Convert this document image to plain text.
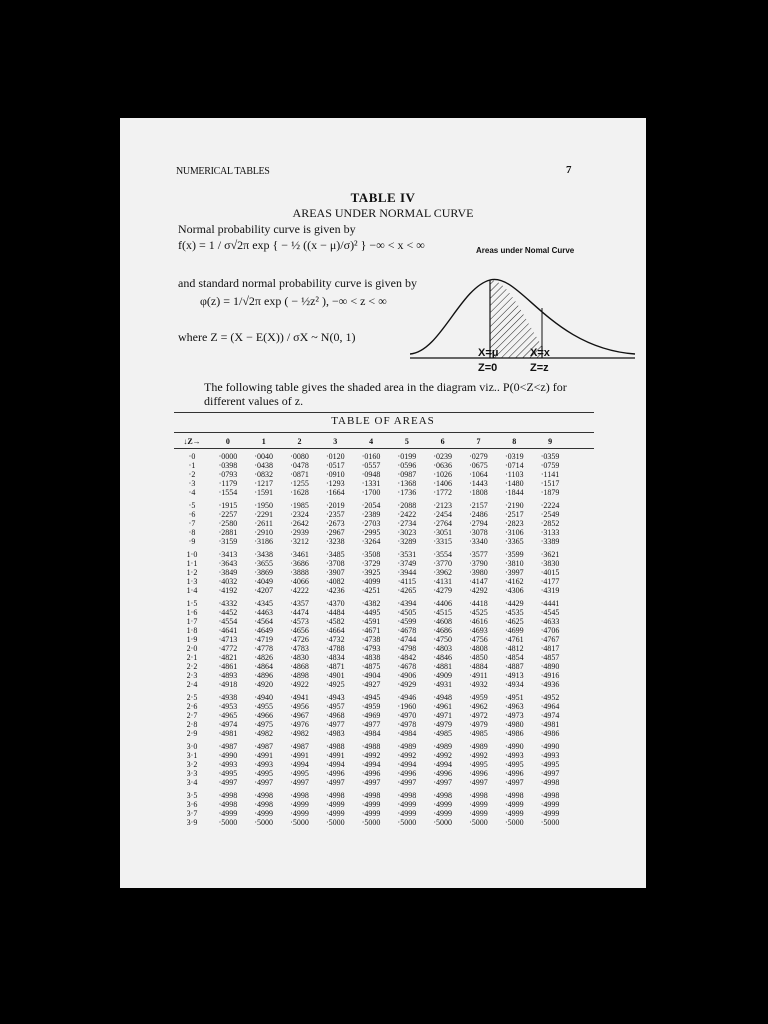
NUMERICAL TABLES	7
TABLE IV
AREAS UNDER NORMAL CURVE
Normal probability curve is given by
f(x) = 1 / σ√2π exp { − ½ ((x − μ)/σ)² } −∞ < x < ∞	Areas under Nomal Curve
and standard normal probability curve is given by
φ(z) = 1/√2π exp ( − ½z² ), −∞ < z < ∞
where Z = (X − E(X)) / σX ~ N(0, 1)
X=μ
Z=0
X=x
Z=z
The following table gives the shaded area in the diagram viz.. P(0<Z<z) for different values of z.
TABLE OF AREAS
↓Z→	0	1	2	3	4	5	6	7	8	9
·0	·0000	·0040	·0080	·0120	·0160	·0199	·0239	·0279	·0319	·0359
·1	·0398	·0438	·0478	·0517	·0557	·0596	·0636	·0675	·0714	·0759
·2	·0793	·0832	·0871	·0910	·0948	·0987	·1026	·1064	·1103	·1141
·3	·1179	·1217	·1255	·1293	·1331	·1368	·1406	·1443	·1480	·1517
·4	·1554	·1591	·1628	·1664	·1700	·1736	·1772	·1808	·1844	·1879
·5	·1915	·1950	·1985	·2019	·2054	·2088	·2123	·2157	·2190	·2224
·6	·2257	·2291	·2324	·2357	·2389	·2422	·2454	·2486	·2517	·2549
·7	·2580	·2611	·2642	·2673	·2703	·2734	·2764	·2794	·2823	·2852
·8	·2881	·2910	·2939	·2967	·2995	·3023	·3051	·3078	·3106	·3133
·9	·3159	·3186	·3212	·3238	·3264	·3289	·3315	·3340	·3365	·3389
1·0	·3413	·3438	·3461	·3485	·3508	·3531	·3554	·3577	·3599	·3621
1·1	·3643	·3655	·3686	·3708	·3729	·3749	·3770	·3790	·3810	·3830
1·2	·3849	·3869	·3888	·3907	·3925	·3944	·3962	·3980	·3997	·4015
1·3	·4032	·4049	·4066	·4082	·4099	·4115	·4131	·4147	·4162	·4177
1·4	·4192	·4207	·4222	·4236	·4251	·4265	·4279	·4292	·4306	·4319
1·5	·4332	·4345	·4357	·4370	·4382	·4394	·4406	·4418	·4429	·4441
1·6	·4452	·4463	·4474	·4484	·4495	·4505	·4515	·4525	·4535	·4545
1·7	·4554	·4564	·4573	·4582	·4591	·4599	·4608	·4616	·4625	·4633
1·8	·4641	·4649	·4656	·4664	·4671	·4678	·4686	·4693	·4699	·4706
1·9	·4713	·4719	·4726	·4732	·4738	·4744	·4750	·4756	·4761	·4767
2·0	·4772	·4778	·4783	·4788	·4793	·4798	·4803	·4808	·4812	·4817
2·1	·4821	·4826	·4830	·4834	·4838	·4842	·4846	·4850	·4854	·4857
2·2	·4861	·4864	·4868	·4871	·4875	·4678	·4881	·4884	·4887	·4890
2·3	·4893	·4896	·4898	·4901	·4904	·4906	·4909	·4911	·4913	·4916
2·4	·4918	·4920	·4922	·4925	·4927	·4929	·4931	·4932	·4934	·4936
2·5	·4938	·4940	·4941	·4943	·4945	·4946	·4948	·4959	·4951	·4952
2·6	·4953	·4955	·4956	·4957	·4959	·1960	·4961	·4962	·4963	·4964
2·7	·4965	·4966	·4967	·4968	·4969	·4970	·4971	·4972	·4973	·4974
2·8	·4974	·4975	·4976	·4977	·4977	·4978	·4979	·4979	·4980	·4981
2·9	·4981	·4982	·4982	·4983	·4984	·4984	·4985	·4985	·4986	·4986
3·0	·4987	·4987	·4987	·4988	·4988	·4989	·4989	·4989	·4990	·4990
3·1	·4990	·4991	·4991	·4991	·4992	·4992	·4992	·4992	·4993	·4993
3·2	·4993	·4993	·4994	·4994	·4994	·4994	·4994	·4995	·4995	·4995
3·3	·4995	·4995	·4995	·4996	·4996	·4996	·4996	·4996	·4996	·4997
3·4	·4997	·4997	·4997	·4997	·4997	·4997	·4997	·4997	·4997	·4998
3·5	·4998	·4998	·4998	·4998	·4998	·4998	·4998	·4998	·4998	·4998
3·6	·4998	·4998	·4999	·4999	·4999	·4999	·4999	·4999	·4999	·4999
3·7	·4999	·4999	·4999	·4999	·4999	·4999	·4999	·4999	·4999	·4999
3·9	·5000	·5000	·5000	·5000	·5000	·5000	·5000	·5000	·5000	·5000
